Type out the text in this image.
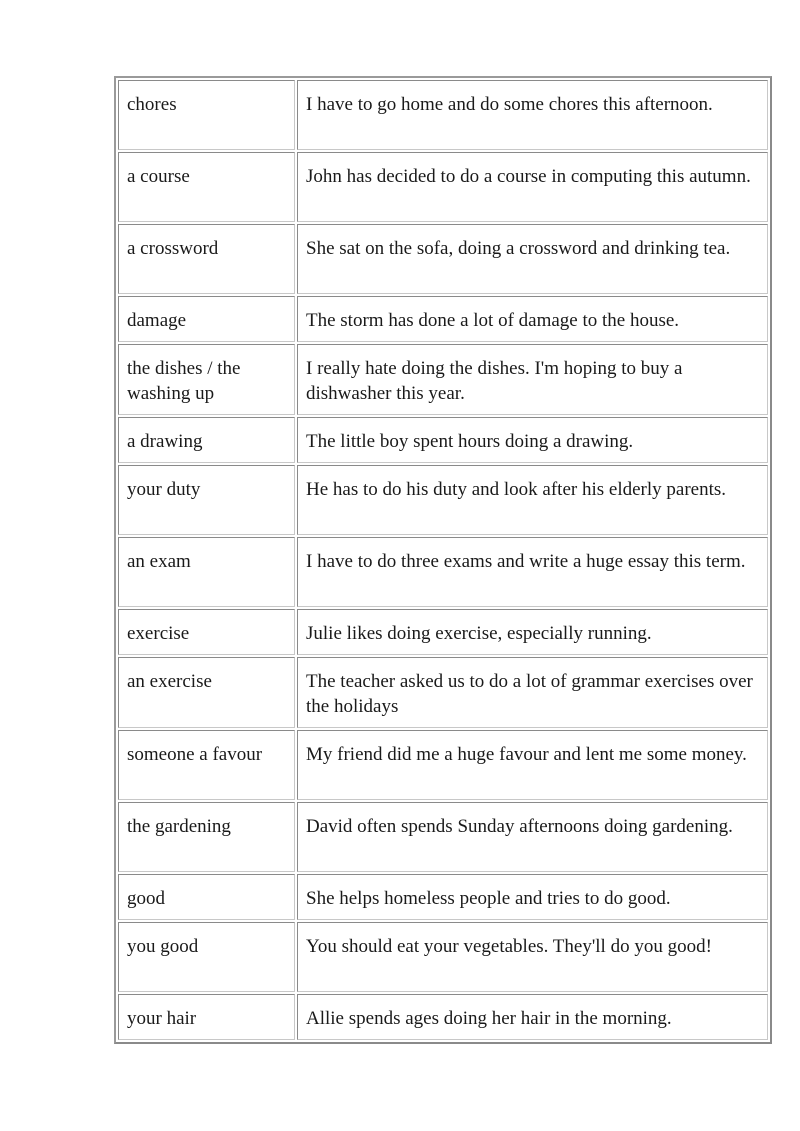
chores	I have to go home and do some chores this afternoon.
a course	John has decided to do a course in computing this autumn.
a crossword	She sat on the sofa, doing a crossword and drinking tea.
damage	The storm has done a lot of damage to the house.
the dishes / the washing up	I really hate doing the dishes. I'm hoping to buy a dishwasher this year.
a drawing	The little boy spent hours doing a drawing.
your duty	He has to do his duty and look after his elderly parents.
an exam	I have to do three exams and write a huge essay this term.
exercise	Julie likes doing exercise, especially running.
an exercise	The teacher asked us to do a lot of grammar exercises over the holidays
someone a favour	My friend did me a huge favour and lent me some money.
the gardening	David often spends Sunday afternoons doing gardening.
good	She helps homeless people and tries to do good.
you good	You should eat your vegetables. They'll do you good!
your hair	Allie spends ages doing her hair in the morning.
